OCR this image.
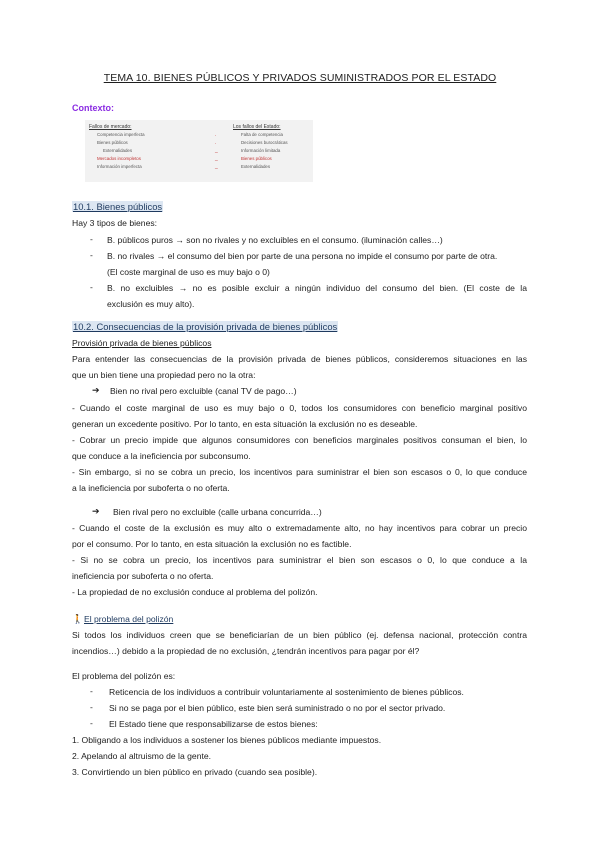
TEMA 10. BIENES PÚBLICOS Y PRIVADOS SUMINISTRADOS POR EL ESTADO
Contexto:
Fallos de mercado:
Competencia imperfecta
Bienes públicos
Externalidades
Mercados incompletos
Información imperfecta
.
.
_
_
_
Los fallos del Estado:
Falta de competencia
Decisiones burocráticas
Información limitada
Bienes públicos
Externalidades
10.1. Bienes públicos
Hay 3 tipos de bienes:
- B. públicos puros → son no rivales y no excluibles en el consumo. (iluminación calles…)
- B. no rivales → el consumo del bien por parte de una persona no impide el consumo por parte de otra.
(El coste marginal de uso es muy bajo o 0)
- B. no excluibles → no es posible excluir a ningún individuo del consumo del bien. (El coste de la
exclusión es muy alto).
10.2. Consecuencias de la provisión privada de bienes públicos
Provisión privada de bienes públicos
Para entender las consecuencias de la provisión privada de bienes públicos, consideremos situaciones en las
que un bien tiene una propiedad pero no la otra:
➔ Bien no rival pero excluible (canal TV de pago…)
- Cuando el coste marginal de uso es muy bajo o 0, todos los consumidores con beneficio marginal positivo
generan un excedente positivo. Por lo tanto, en esta situación la exclusión no es deseable.
- Cobrar un precio impide que algunos consumidores con beneficios marginales positivos consuman el bien, lo
que conduce a la ineficiencia por subconsumo.
- Sin embargo, si no se cobra un precio, los incentivos para suministrar el bien son escasos o 0, lo que conduce
a la ineficiencia por suboferta o no oferta.
➔ Bien rival pero no excluible (calle urbana concurrida…)
- Cuando el coste de la exclusión es muy alto o extremadamente alto, no hay incentivos para cobrar un precio
por el consumo. Por lo tanto, en esta situación la exclusión no es factible.
- Si no se cobra un precio, los incentivos para suministrar el bien son escasos o 0, lo que conduce a la
ineficiencia por suboferta o no oferta.
- La propiedad de no exclusión conduce al problema del polizón.
🚶 El problema del polizón
Si todos los individuos creen que se beneficiarían de un bien público (ej. defensa nacional, protección contra
incendios…) debido a la propiedad de no exclusión, ¿tendrán incentivos para pagar por él?
El problema del polizón es:
- Reticencia de los individuos a contribuir voluntariamente al sostenimiento de bienes públicos.
- Si no se paga por el bien público, este bien será suministrado o no por el sector privado.
- El Estado tiene que responsabilizarse de estos bienes:
1. Obligando a los individuos a sostener los bienes públicos mediante impuestos.
2. Apelando al altruismo de la gente.
3. Convirtiendo un bien público en privado (cuando sea posible).
